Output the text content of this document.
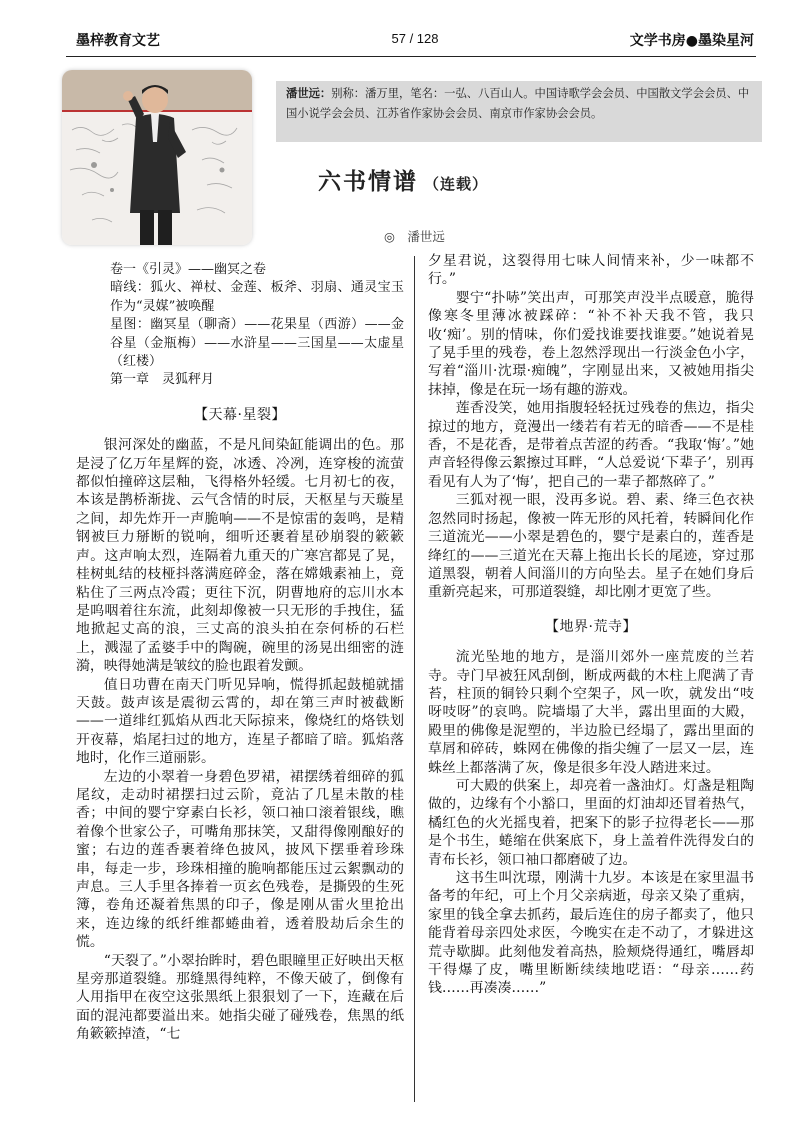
墨梓教育文艺	57 / 128	文学书房●墨染星河
潘世远：别称：潘万里，笔名：一弘、八百山人。中国诗歌学会会员、中国散文学会会员、中国小说学会会员、江苏省作家协会会员、南京市作家协会会员。
六书情谱 （连载）
◎　潘世远

卷一《引灵》——幽冥之卷

暗线：狐火、禅杖、金莲、板斧、羽扇、通灵宝玉作为“灵媒”被唤醒

星图：幽冥星（聊斋）——花果星（西游）——金谷星（金瓶梅）——水浒星——三国星——太虚星（红楼）

第一章　灵狐秤月

【天幕·星裂】

银河深处的幽蓝，不是凡间染缸能调出的色。那是浸了亿万年星辉的瓷，冰透、冷冽，连穿梭的流萤都似怕撞碎这层釉，飞得格外轻缓。七月初七的夜，本该是鹊桥渐拢、云气含情的时辰，天枢星与天璇星之间，却先炸开一声脆响——不是惊雷的轰鸣，是精钢被巨力掰断的锐响，细听还裹着星砂崩裂的簌簌声。这声响太烈，连隔着九重天的广寒宫都晃了晃，桂树虬结的枝桠抖落满庭碎金，落在嫦娥素袖上，竟粘住了三两点冷霞；更往下沉，阴曹地府的忘川水本是呜咽着往东流，此刻却像被一只无形的手拽住，猛地掀起丈高的浪，三丈高的浪头拍在奈何桥的石栏上，溅湿了孟婆手中的陶碗，碗里的汤晃出细密的涟漪，映得她满是皱纹的脸也跟着发颤。

值日功曹在南天门听见异响，慌得抓起鼓槌就擂天鼓。鼓声该是震彻云霄的，却在第三声时被截断——一道绯红狐焰从西北天际掠来，像烧红的烙铁划开夜幕，焰尾扫过的地方，连星子都暗了暗。狐焰落地时，化作三道丽影。

左边的小翠着一身碧色罗裙，裙摆绣着细碎的狐尾纹，走动时裙摆扫过云阶，竟沾了几星未散的桂香；中间的婴宁穿素白长衫，领口袖口滚着银线，瞧着像个世家公子，可嘴角那抹笑，又甜得像刚酿好的蜜；右边的莲香裹着绛色披风，披风下摆垂着珍珠串，每走一步，珍珠相撞的脆响都能压过云絮飘动的声息。三人手里各捧着一页玄色残卷，是撕毁的生死簿，卷角还凝着焦黑的印子，像是刚从雷火里抢出来，连边缘的纸纤维都蜷曲着，透着股劫后余生的慌。

“天裂了。”小翠抬眸时，碧色眼瞳里正好映出天枢星旁那道裂缝。那缝黑得纯粹，不像天破了，倒像有人用指甲在夜空这张黑纸上狠狠划了一下，连藏在后面的混沌都要溢出来。她指尖碰了碰残卷，焦黑的纸角簌簌掉渣，“七

夕星君说，这裂得用七味人间情来补，少一味都不行。”

婴宁“扑哧”笑出声，可那笑声没半点暖意，脆得像寒冬里薄冰被踩碎：“补不补天我不管，我只收‘痴’。别的情味，你们爱找谁要找谁要。”她说着晃了晃手里的残卷，卷上忽然浮现出一行淡金色小字，写着“淄川·沈璟·痴魄”，字刚显出来，又被她用指尖抹掉，像是在玩一场有趣的游戏。

莲香没笑，她用指腹轻轻抚过残卷的焦边，指尖掠过的地方，竟漫出一缕若有若无的暗香——不是桂香，不是花香，是带着点苦涩的药香。“我取‘悔’。”她声音轻得像云絮擦过耳畔，“人总爱说‘下辈子’，别再看见有人为了‘悔’，把自己的一辈子都熬碎了。”

三狐对视一眼，没再多说。碧、素、绛三色衣袂忽然同时扬起，像被一阵无形的风托着，转瞬间化作三道流光——小翠是碧色的，婴宁是素白的，莲香是绛红的——三道光在天幕上拖出长长的尾迹，穿过那道黑裂，朝着人间淄川的方向坠去。星子在她们身后重新亮起来，可那道裂缝，却比刚才更宽了些。

【地界·荒寺】

流光坠地的地方，是淄川郊外一座荒废的兰若寺。寺门早被狂风刮倒，断成两截的木柱上爬满了青苔，柱顶的铜铃只剩个空架子，风一吹，就发出“吱呀吱呀”的哀鸣。院墙塌了大半，露出里面的大殿，殿里的佛像是泥塑的，半边脸已经塌了，露出里面的草屑和碎砖，蛛网在佛像的指尖缠了一层又一层，连蛛丝上都落满了灰，像是很多年没人踏进来过。

可大殿的供案上，却亮着一盏油灯。灯盏是粗陶做的，边缘有个小豁口，里面的灯油却还冒着热气，橘红色的火光摇曳着，把案下的影子拉得老长——那是个书生，蜷缩在供案底下，身上盖着件洗得发白的青布长衫，领口袖口都磨破了边。

这书生叫沈璟，刚满十九岁。本该是在家里温书备考的年纪，可上个月父亲病逝，母亲又染了重病，家里的钱全拿去抓药，最后连住的房子都卖了，他只能背着母亲四处求医，今晚实在走不动了，才躲进这荒寺歇脚。此刻他发着高热，脸颊烧得通红，嘴唇却干得爆了皮，嘴里断断续续地呓语：“母亲……药钱……再凑凑……”
